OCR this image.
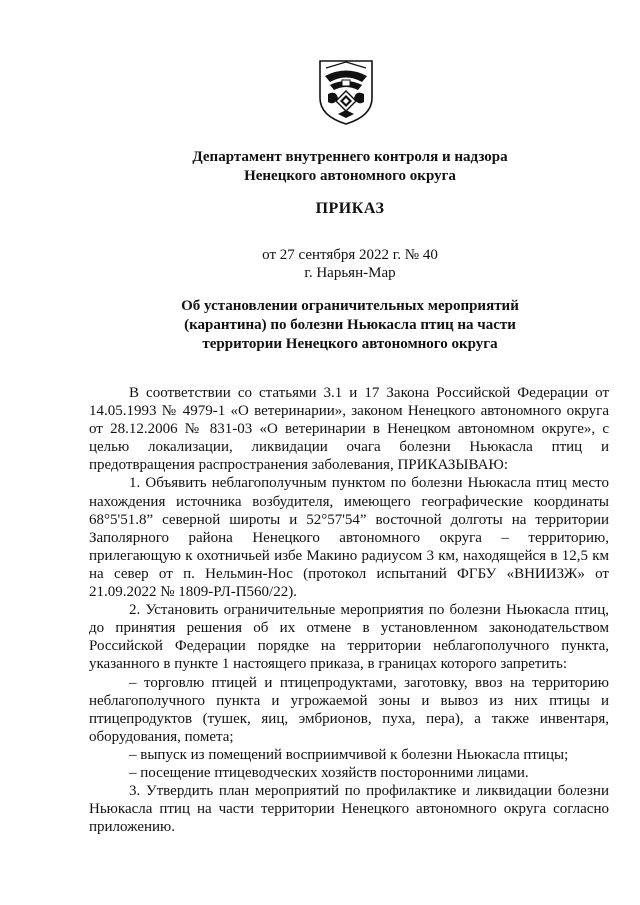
Департамент внутреннего контроля и надзора
Ненецкого автономного округа
ПРИКАЗ
от 27 сентября 2022 г. № 40
г. Нарьян-Мар
Об установлении ограничительных мероприятий
(карантина) по болезни Ньюкасла птиц на части
территории Ненецкого автономного округа

В соответствии со статьями 3.1 и 17 Закона Российской Федерации от 14.05.1993 № 4979-1 «О ветеринарии», законом Ненецкого автономного округа от 28.12.2006 № 831-03 «О ветеринарии в Ненецком автономном округе», с целью локализации, ликвидации очага болезни Ньюкасла птиц и предотвращения распространения заболевания, ПРИКАЗЫВАЮ:

1. Объявить неблагополучным пунктом по болезни Ньюкасла птиц место нахождения источника возбудителя, имеющего географические координаты 68°5'51.8” северной широты и 52°57'54” восточной долготы на территории Заполярного района Ненецкого автономного округа – территорию, прилегающую к охотничьей избе Макино радиусом 3 км, находящейся в 12,5 км на север от п. Нельмин-Нос (протокол испытаний ФГБУ «ВНИИЗЖ» от 21.09.2022 № 1809-РЛ-П560/22).

2. Установить ограничительные мероприятия по болезни Ньюкасла птиц, до принятия решения об их отмене в установленном законодательством Российской Федерации порядке на территории неблагополучного пункта, указанного в пункте 1 настоящего приказа, в границах которого запретить:

– торговлю птицей и птицепродуктами, заготовку, ввоз на территорию неблагополучного пункта и угрожаемой зоны и вывоз из них птицы и птицепродуктов (тушек, яиц, эмбрионов, пуха, пера), а также инвентаря, оборудования, помета;

– выпуск из помещений восприимчивой к болезни Ньюкасла птицы;

– посещение птицеводческих хозяйств посторонними лицами.

3. Утвердить план мероприятий по профилактике и ликвидации болезни Ньюкасла птиц на части территории Ненецкого автономного округа согласно приложению.
